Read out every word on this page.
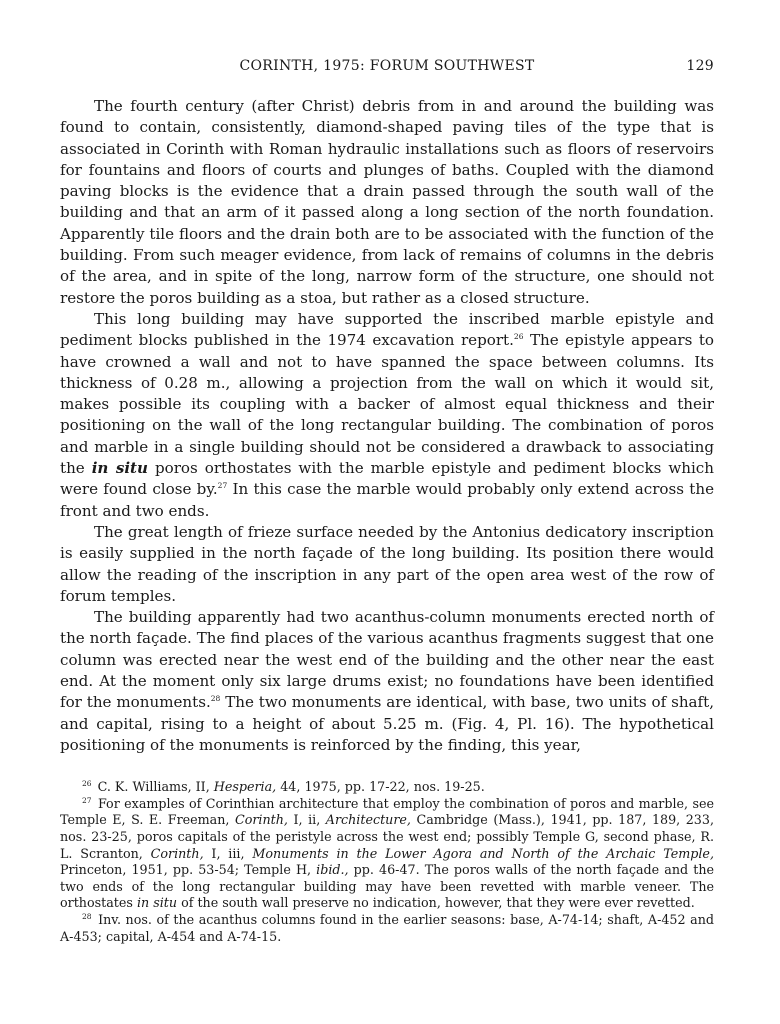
CORINTH, 1975: FORUM SOUTHWEST	129

The fourth century (after Christ) debris from in and around the building was found to contain, consistently, diamond-shaped paving tiles of the type that is associated in Corinth with Roman hydraulic installations such as floors of reservoirs for fountains and floors of courts and plunges of baths. Coupled with the diamond paving blocks is the evidence that a drain passed through the south wall of the building and that an arm of it passed along a long section of the north foundation. Apparently tile floors and the drain both are to be associated with the function of the building. From such meager evidence, from lack of remains of columns in the debris of the area, and in spite of the long, narrow form of the structure, one should not restore the poros building as a stoa, but rather as a closed structure.

This long building may have supported the inscribed marble epistyle and pediment blocks published in the 1974 excavation report.$^{26}$ The epistyle appears to have crowned a wall and not to have spanned the space between columns. Its thickness of 0.28 m., allowing a projection from the wall on which it would sit, makes possible its coupling with a backer of almost equal thickness and their positioning on the wall of the long rectangular building. The combination of poros and marble in a single building should not be considered a drawback to associating the in situ poros orthostates with the marble epistyle and pediment blocks which were found close by.$^{27}$ In this case the marble would probably only extend across the front and two ends.

The great length of frieze surface needed by the Antonius dedicatory inscription is easily supplied in the north façade of the long building. Its position there would allow the reading of the inscription in any part of the open area west of the row of forum temples.

The building apparently had two acanthus-column monuments erected north of the north façade. The find places of the various acanthus fragments suggest that one column was erected near the west end of the building and the other near the east end. At the moment only six large drums exist; no foundations have been identified for the monuments.$^{28}$ The two monuments are identical, with base, two units of shaft, and capital, rising to a height of about 5.25 m. (Fig. 4, Pl. 16). The hypothetical positioning of the monuments is reinforced by the finding, this year,

$^{26}$ C. K. Williams, II, Hesperia, 44, 1975, pp. 17-22, nos. 19-25.

$^{27}$ For examples of Corinthian architecture that employ the combination of poros and marble, see Temple E, S. E. Freeman, Corinth, I, ii, Architecture, Cambridge (Mass.), 1941, pp. 187, 189, 233, nos. 23-25, poros capitals of the peristyle across the west end; possibly Temple G, second phase, R. L. Scranton, Corinth, I, iii, Monuments in the Lower Agora and North of the Archaic Temple, Princeton, 1951, pp. 53-54; Temple H, ibid., pp. 46-47. The poros walls of the north façade and the two ends of the long rectangular building may have been revetted with marble veneer. The orthostates in situ of the south wall preserve no indication, however, that they were ever revetted.

$^{28}$ Inv. nos. of the acanthus columns found in the earlier seasons: base, A-74-14; shaft, A-452 and A-453; capital, A-454 and A-74-15.
